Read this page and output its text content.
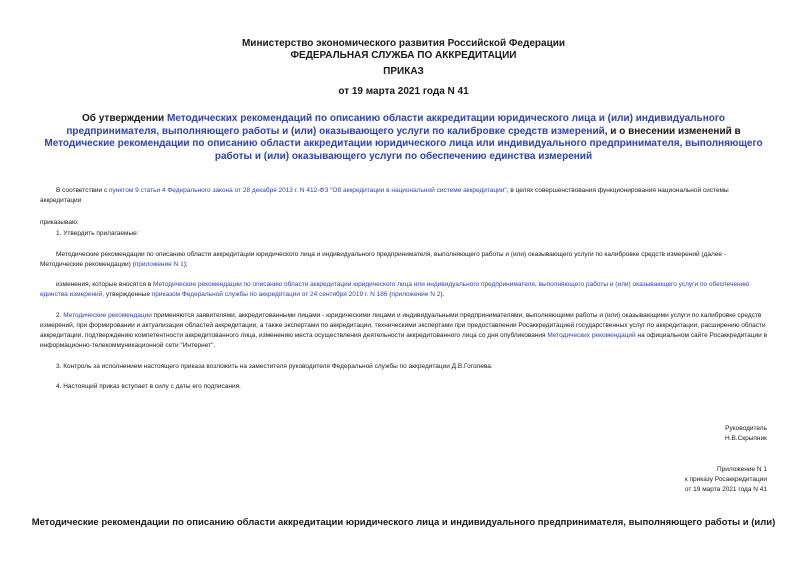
Министерство экономического развития Российской Федерации

ФЕДЕРАЛЬНАЯ СЛУЖБА ПО АККРЕДИТАЦИИ

ПРИКАЗ
от 19 марта 2021 года N 41
Об утверждении Методических рекомендаций по описанию области аккредитации юридического лица и (или) индивидуального предпринимателя, выполняющего работы и (или) оказывающего услуги по калибровке средств измерений, и о внесении изменений в Методические рекомендации по описанию области аккредитации юридического лица или индивидуального предпринимателя, выполняющего работы и (или) оказывающего услуги по обеспечению единства измерений

В соответствии с пунктом 9 статьи 4 Федерального закона от 28 декабря 2013 г. N 412-ФЗ "Об аккредитации в национальной системе аккредитации", в целях совершенствования функционирования национальной системы аккредитации

приказываю:

1. Утвердить прилагаемые:

Методические рекомендации по описанию области аккредитации юридического лица и индивидуального предпринимателя, выполняющего работы и (или) оказывающего услуги по калибровке средств измерений (далее - Методические рекомендации) (приложение N 1);

изменения, которые вносятся в Методические рекомендации по описанию области аккредитации юридического лица или индивидуального предпринимателя, выполняющего работы и (или) оказывающего услуги по обеспечению единства измерений, утвержденные приказом Федеральной службы по аккредитации от 24 сентября 2019 г. N 186 (приложение N 2).

2. Методические рекомендации применяются заявителями, аккредитованными лицами - юридическими лицами и индивидуальными предпринимателями, выполняющими работы и (или) оказывающими услуги по калибровке средств измерений, при формировании и актуализации областей аккредитации, а также экспертами по аккредитации, техническими экспертами при предоставлении Росаккредитацией государственных услуг по аккредитации, расширению области аккредитации, подтверждению компетентности аккредитованного лица, изменению места осуществления деятельности аккредитованного лица со дня опубликования Методических рекомендаций на официальном сайте Росаккредитации в информационно-телекоммуникационной сети "Интернет".

3. Контроль за исполнением настоящего приказа возложить на заместителя руководителя Федеральной службы по аккредитации Д.В.Гоголева.

4. Настоящий приказ вступает в силу с даты его подписания.

Руководитель

Н.В.Скрыпник

Приложение N 1

к приказу Росаккредитации

от 19 марта 2021 года N 41

Методические рекомендации по описанию области аккредитации юридического лица и индивидуального предпринимателя, выполняющего работы и (или)
